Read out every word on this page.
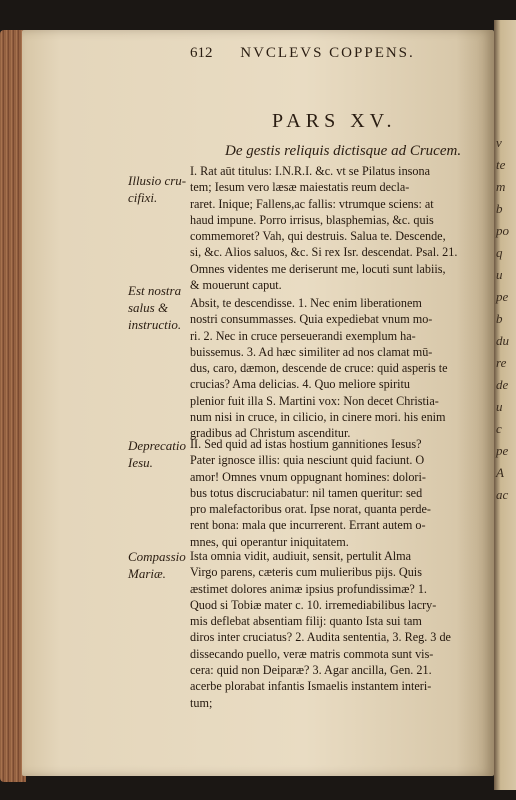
v
te
m
b
po
q
u
pe
b
du
re
de
u
c
pe
A
ac
612 NVCLEVS COPPENS.
PARS XV.
De gestis reliquis dictisque ad Crucem.
Illusio cru-
cifixi.
Est nostra
salus &
instructio.
Deprecatio
Iesu.
Compassio
Mariæ.
I. Rat aūt titulus: I.N.R.I. &c. vt se Pilatus insona
tem; Iesum vero læsæ maiestatis reum decla-
raret. Inique; Fallens,ac fallis: vtrumque sciens: at
haud impune. Porro irrisus, blasphemias, &c. quis
commemoret? Vah, qui destruis. Salua te. Descende,
si, &c. Alios saluos, &c. Si rex Isr. descendat. Psal. 21.
Omnes videntes me deriserunt me, locuti sunt labiis,
& mouerunt caput.
Absit, te descendisse. 1. Nec enim liberationem
nostri consummasses. Quia expediebat vnum mo-
ri. 2. Nec in cruce perseuerandi exemplum ha-
buissemus. 3. Ad hæc similiter ad nos clamat mū-
dus, caro, dæmon, descende de cruce: quid asperis te
crucias? Ama delicias. 4. Quo meliore spiritu
plenior fuit illa S. Martini vox: Non decet Christia-
num nisi in cruce, in cilicio, in cinere mori. his enim
gradibus ad Christum ascenditur.
II. Sed quid ad istas hostium gannitiones Iesus?
Pater ignosce illis: quia nesciunt quid faciunt. O
amor! Omnes vnum oppugnant homines: dolori-
bus totus discruciabatur: nil tamen queritur: sed
pro malefactoribus orat. Ipse norat, quanta perde-
rent bona: mala que incurrerent. Errant autem o-
mnes, qui operantur iniquitatem.
Ista omnia vidit, audiuit, sensit, pertulit Alma
Virgo parens, cæteris cum mulieribus pijs. Quis
æstimet dolores animæ ipsius profundissimæ? 1.
Quod si Tobiæ mater c. 10. irremediabilibus lacry-
mis deflebat absentiam filij: quanto Ista sui tam
diros inter cruciatus? 2. Audita sententia, 3. Reg. 3 de
dissecando puello, veræ matris commota sunt vis-
cera: quid non Deiparæ? 3. Agar ancilla, Gen. 21.
acerbe plorabat infantis Ismaelis instantem interi-
tum;
